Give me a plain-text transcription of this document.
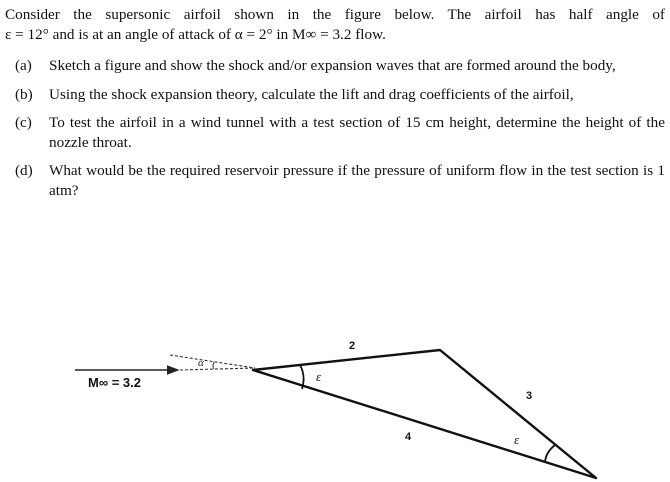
Consider the supersonic airfoil shown in the figure below. The airfoil has half angle of
ε = 12° and is at an angle of attack of α = 2° in M∞ = 3.2 flow.

(a) Sketch a figure and show the shock and/or expansion waves that are formed around the body,
(b) Using the shock expansion theory, calculate the lift and drag coefficients of the airfoil,
(c) To test the airfoil in a wind tunnel with a test section of 15 cm height, determine the height of the nozzle throat.
(d) What would be the required reservoir pressure if the pressure of uniform flow in the test section is 1 atm?
M∞ = 3.2
α
ε
ε
2
3
4
